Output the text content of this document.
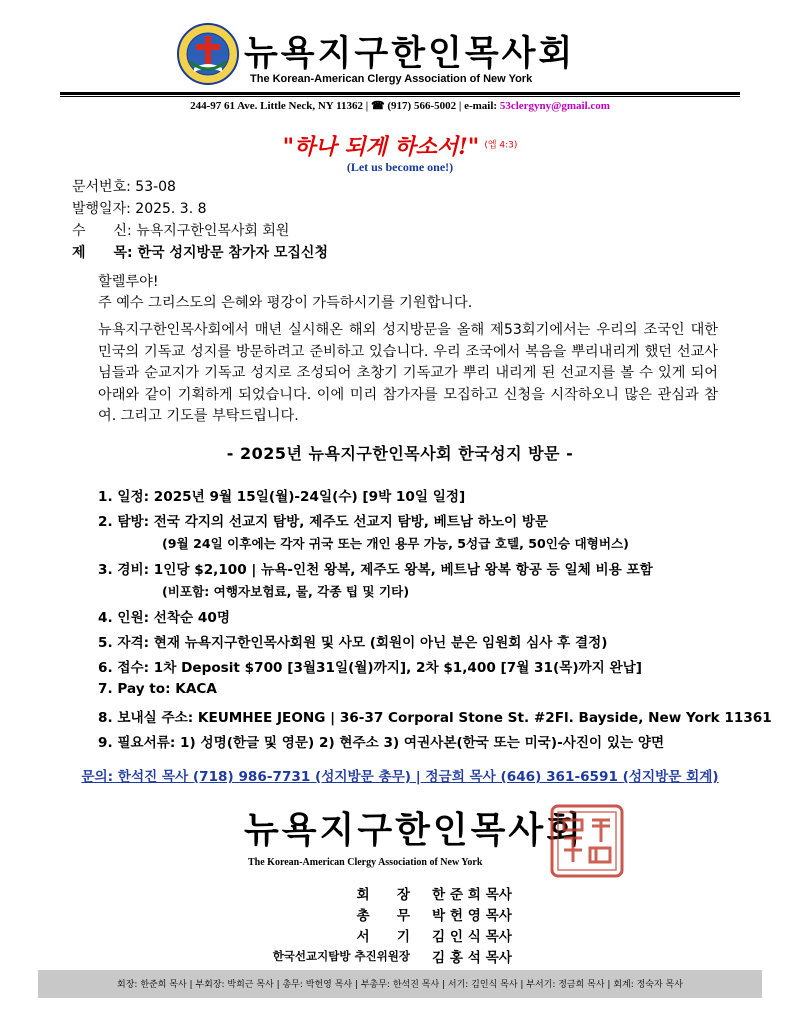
뉴욕지구한인목사회
The Korean-American Clergy Association of New York
244-97 61 Ave. Little Neck, NY 11362 | ☎ (917) 566-5002 | e-mail: 53clergyny@gmail.com
"하나 되게 하소서!" $^{(엡 4:3)}$
(Let us become one!)
문서번호: 53-08
발행일자: 2025. 3. 8
수　　신: 뉴욕지구한인목사회 회원
제　　목: 한국 성지방문 참가자 모집신청
할렐루야!
주 예수 그리스도의 은혜와 평강이 가득하시기를 기원합니다.
뉴욕지구한인목사회에서 매년 실시해온 해외 성지방문을 올해 제53회기에서는 우리의 조국인 대한민국의 기독교 성지를 방문하려고 준비하고 있습니다. 우리 조국에서 복음을 뿌리내리게 했던 선교사님들과 순교지가 기독교 성지로 조성되어 초창기 기독교가 뿌리 내리게 된 선교지를 볼 수 있게 되어 아래와 같이 기획하게 되었습니다. 이에 미리 참가자를 모집하고 신청을 시작하오니 많은 관심과 참여. 그리고 기도를 부탁드립니다.
- 2025년 뉴욕지구한인목사회 한국성지 방문 -
1. 일정: 2025년 9월 15일(월)-24일(수) [9박 10일 일정]
2. 탐방: 전국 각지의 선교지 탐방, 제주도 선교지 탐방, 베트남 하노이 방문
(9월 24일 이후에는 각자 귀국 또는 개인 용무 가능, 5성급 호텔, 50인승 대형버스)
3. 경비: 1인당 $2,100 | 뉴욕-인천 왕복, 제주도 왕복, 베트남 왕복 항공 등 일체 비용 포함
(비포함: 여행자보험료, 물, 각종 팁 및 기타)
4. 인원: 선착순 40명
5. 자격: 현재 뉴욕지구한인목사회원 및 사모 (회원이 아닌 분은 임원회 심사 후 결정)
6. 접수: 1차 Deposit $700 [3월31일(월)까지], 2차 $1,400 [7월 31(목)까지 완납]
7. Pay to: KACA
8. 보내실 주소: KEUMHEE JEONG | 36-37 Corporal Stone St. #2Fl. Bayside, New York 11361
9. 필요서류: 1) 성명(한글 및 영문) 2) 현주소 3) 여권사본(한국 또는 미국)-사진이 있는 양면
문의: 한석진 목사 (718) 986-7731 (성지방문 총무) | 정금희 목사 (646) 361-6591 (성지방문 회계)
뉴욕지구한인목사회
The Korean-American Clergy Association of New York
회　　장 한 준 희 목사
총　　무 박 헌 영 목사
서　　기 김 인 식 목사
한국선교지탐방 추진위원장 김 홍 석 목사
회장: 한준희 목사 | 부회장: 박희근 목사 | 총무: 박헌영 목사 | 부총무: 한석진 목사 | 서기: 김인식 목사 | 부서기: 정금희 목사 | 회계: 정숙자 목사
